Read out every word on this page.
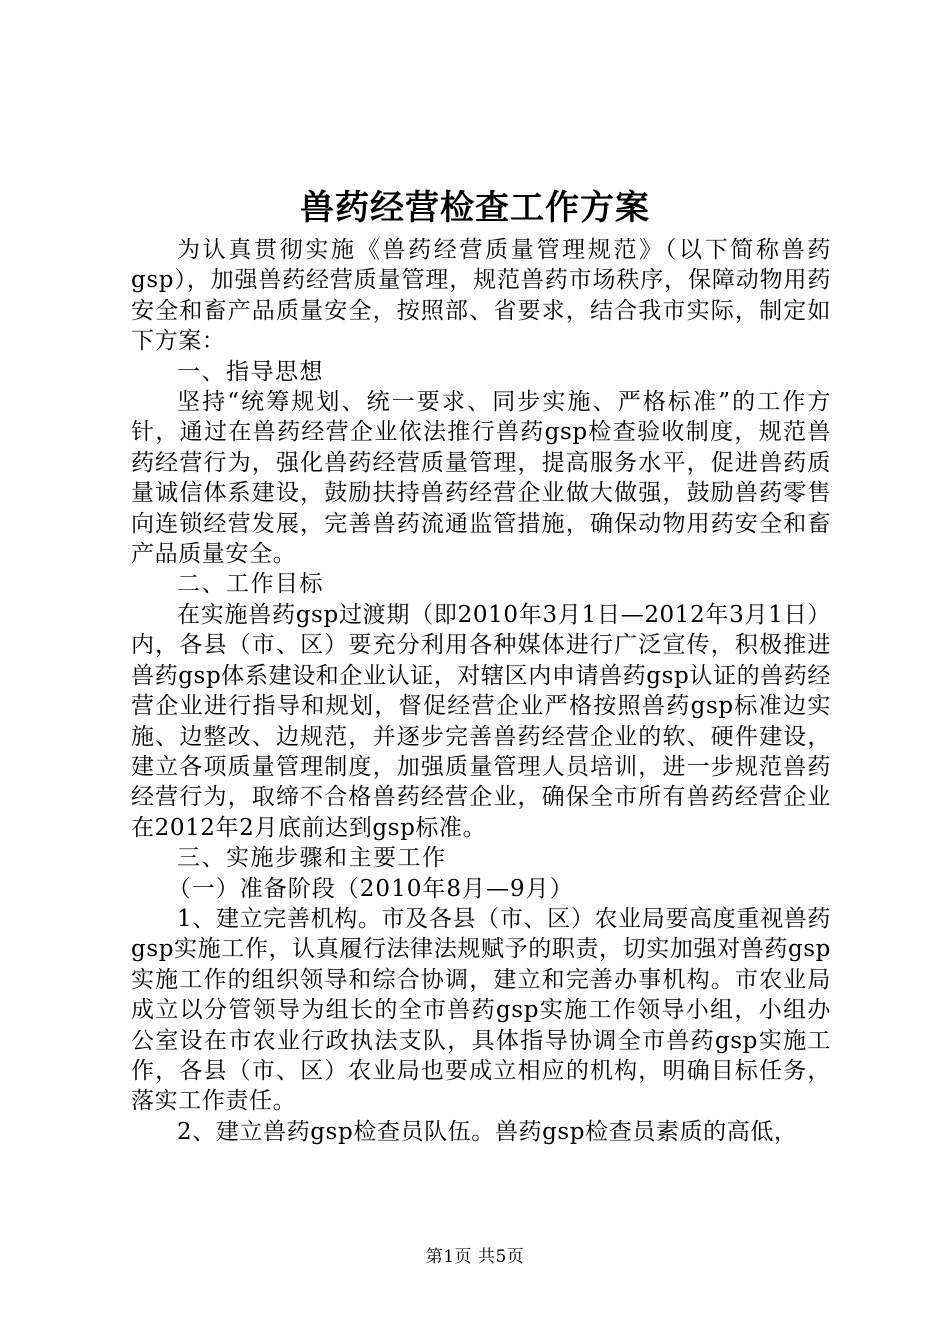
兽药经营检查工作方案

为认真贯彻实施《兽药经营质量管理规范》（以下简称兽药gsp），加强兽药经营质量管理，规范兽药市场秩序，保障动物用药安全和畜产品质量安全，按照部、省要求，结合我市实际，制定如下方案：

一、指导思想

坚持“统筹规划、统一要求、同步实施、严格标准”的工作方针，通过在兽药经营企业依法推行兽药gsp检查验收制度，规范兽药经营行为，强化兽药经营质量管理，提高服务水平，促进兽药质量诚信体系建设，鼓励扶持兽药经营企业做大做强，鼓励兽药零售向连锁经营发展，完善兽药流通监管措施，确保动物用药安全和畜产品质量安全。

二、工作目标

在实施兽药gsp过渡期（即2010年3月1日—2012年3月1日）内，各县（市、区）要充分利用各种媒体进行广泛宣传，积极推进兽药gsp体系建设和企业认证，对辖区内申请兽药gsp认证的兽药经营企业进行指导和规划，督促经营企业严格按照兽药gsp标准边实施、边整改、边规范，并逐步完善兽药经营企业的软、硬件建设，建立各项质量管理制度，加强质量管理人员培训，进一步规范兽药经营行为，取缔不合格兽药经营企业，确保全市所有兽药经营企业在2012年2月底前达到gsp标准。

三、实施步骤和主要工作

（一）准备阶段（2010年8月—9月）

1、建立完善机构。市及各县（市、区）农业局要高度重视兽药gsp实施工作，认真履行法律法规赋予的职责，切实加强对兽药gsp实施工作的组织领导和综合协调，建立和完善办事机构。市农业局成立以分管领导为组长的全市兽药gsp实施工作领导小组，小组办公室设在市农业行政执法支队，具体指导协调全市兽药gsp实施工作，各县（市、区）农业局也要成立相应的机构，明确目标任务，落实工作责任。

2、建立兽药gsp检查员队伍。兽药gsp检查员素质的高低，

第1页 共5页
